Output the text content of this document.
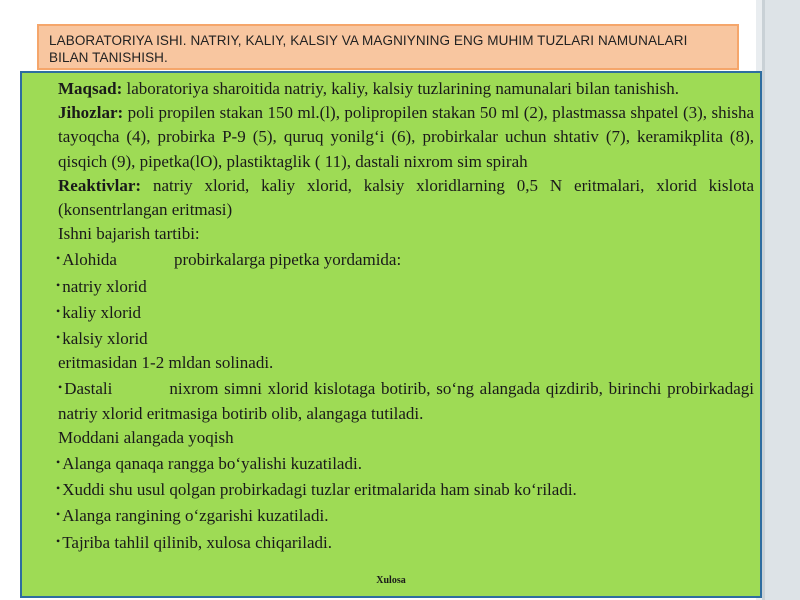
LABORATORIYA ISHI. NATRIY, KALIY, KALSIY VA MAGNIYNING ENG MUHIM TUZLARI NAMUNALARI BILAN TANISHISH.

Maqsad: laboratoriya sharoitida natriy, kaliy, kalsiy tuzlarining namunalari bilan tanishish.

Jihozlar: poli propilen stakan 150 ml.(l), polipropilen stakan 50 ml (2), plastmassa shpatel (3), shisha tayoqcha (4), probirka P-9 (5), quruq yonilg‘i (6), probirkalar uchun shtativ (7), keramikplita (8), qisqich (9), pipetka(lO), plastiktaglik ( 11), dastali nixrom sim spirah

Reaktivlar: natriy xlorid, kaliy xlorid, kalsiy xloridlarning 0,5 N eritmalari, xlorid kislota (konsentrlangan eritmasi)

Ishni bajarish tartibi:

• Alohida	probirkalarga pipetka yordamida:

• natriy xlorid

• kaliy xlorid

• kalsiy xlorid

eritmasidan 1-2 mldan solinadi.

• Dastali	nixrom simni xlorid kislotaga botirib, so‘ng alangada qizdirib, birinchi probirkadagi natriy xlorid eritmasiga botirib olib, alangaga tutiladi.

Moddani alangada yoqish

• Alanga qanaqa rangga bo‘yalishi kuzatiladi.

• Xuddi shu usul qolgan probirkadagi tuzlar eritmalarida ham sinab ko‘riladi.

• Alanga rangining o‘zgarishi kuzatiladi.

• Tajriba tahlil qilinib, xulosa chiqariladi.

Xulosa
